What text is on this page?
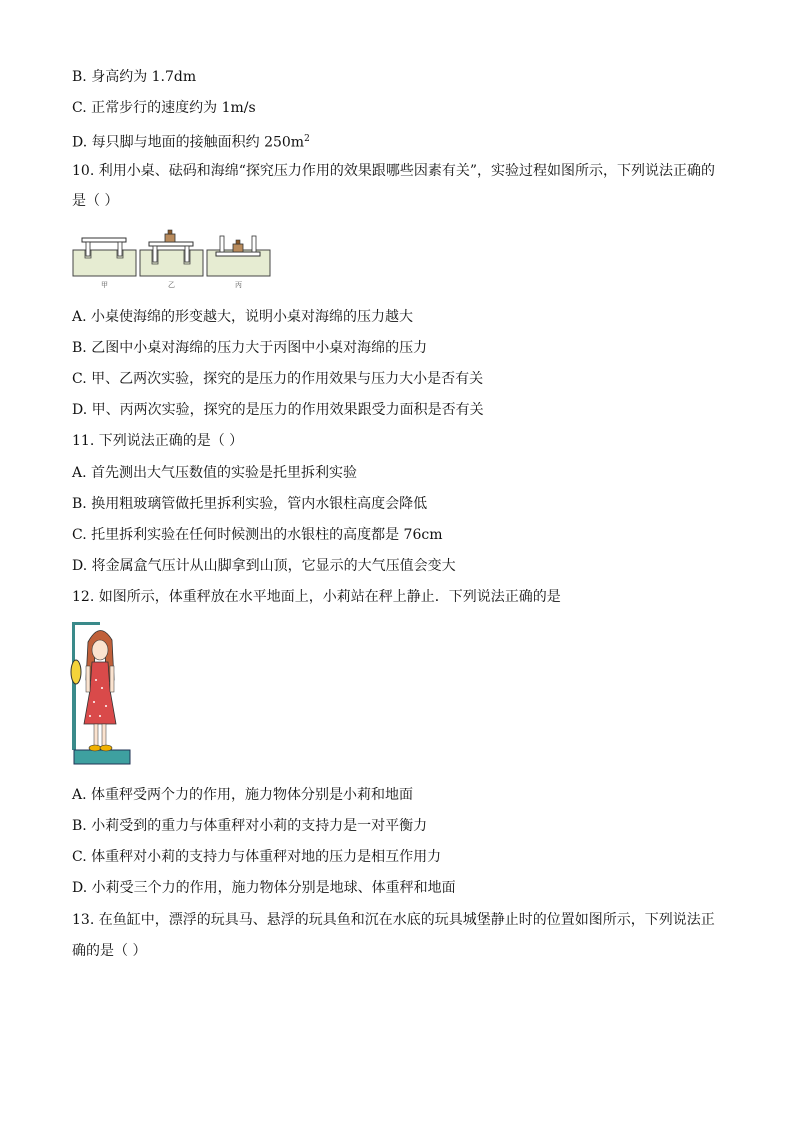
B. 身高约为 1.7dm
C. 正常步行的速度约为 1m/s
D. 每只脚与地面的接触面积约 $250m^2$
10. 利用小桌、砝码和海绵“探究压力作用的效果跟哪些因素有关”，实验过程如图所示，下列说法正确的
是（ ）
甲	乙	丙
A. 小桌使海绵的形变越大，说明小桌对海绵的压力越大
B. 乙图中小桌对海绵的压力大于丙图中小桌对海绵的压力
C. 甲、乙两次实验，探究的是压力的作用效果与压力大小是否有关
D. 甲、丙两次实验，探究的是压力的作用效果跟受力面积是否有关
11. 下列说法正确的是（ ）
A. 首先测出大气压数值的实验是托里拆利实验
B. 换用粗玻璃管做托里拆利实验，管内水银柱高度会降低
C. 托里拆利实验在任何时候测出的水银柱的高度都是 76cm
D. 将金属盒气压计从山脚拿到山顶，它显示的大气压值会变大
12. 如图所示，体重秤放在水平地面上，小莉站在秤上静止．下列说法正确的是
A. 体重秤受两个力的作用，施力物体分别是小莉和地面
B. 小莉受到的重力与体重秤对小莉的支持力是一对平衡力
C. 体重秤对小莉的支持力与体重秤对地的压力是相互作用力
D. 小莉受三个力的作用，施力物体分别是地球、体重秤和地面
13. 在鱼缸中，漂浮的玩具马、悬浮的玩具鱼和沉在水底的玩具城堡静止时的位置如图所示，下列说法正
确的是（ ）
